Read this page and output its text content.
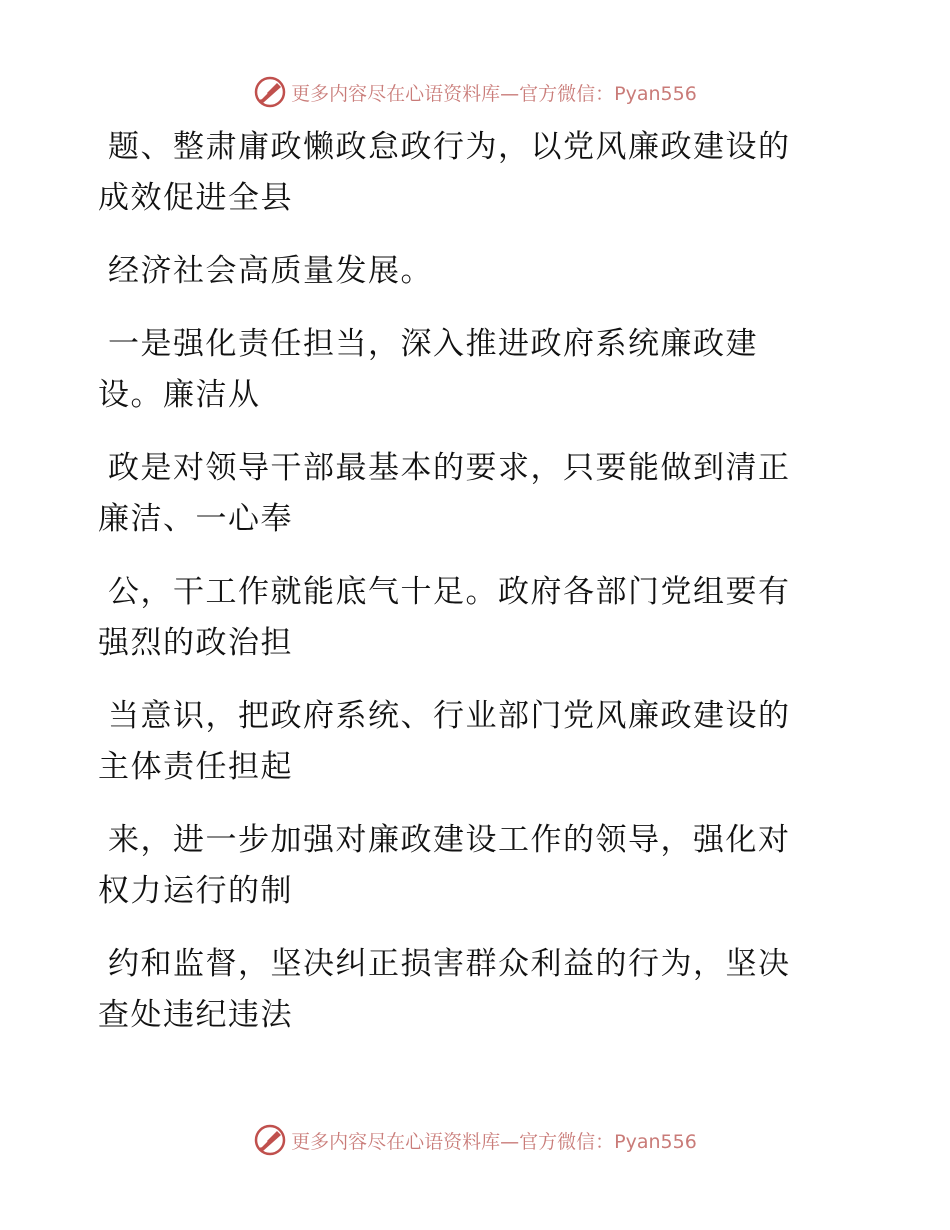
更多内容尽在心语资料库—官方微信：Pyan556

题、整肃庸政懒政怠政行为，以党风廉政建设的
成效促进全县

经济社会高质量发展。

一是强化责任担当，深入推进政府系统廉政建
设。廉洁从

政是对领导干部最基本的要求，只要能做到清正
廉洁、一心奉

公，干工作就能底气十足。政府各部门党组要有
强烈的政治担

当意识，把政府系统、行业部门党风廉政建设的
主体责任担起

来，进一步加强对廉政建设工作的领导，强化对
权力运行的制

约和监督，坚决纠正损害群众利益的行为，坚决
查处违纪违法

更多内容尽在心语资料库—官方微信：Pyan556
